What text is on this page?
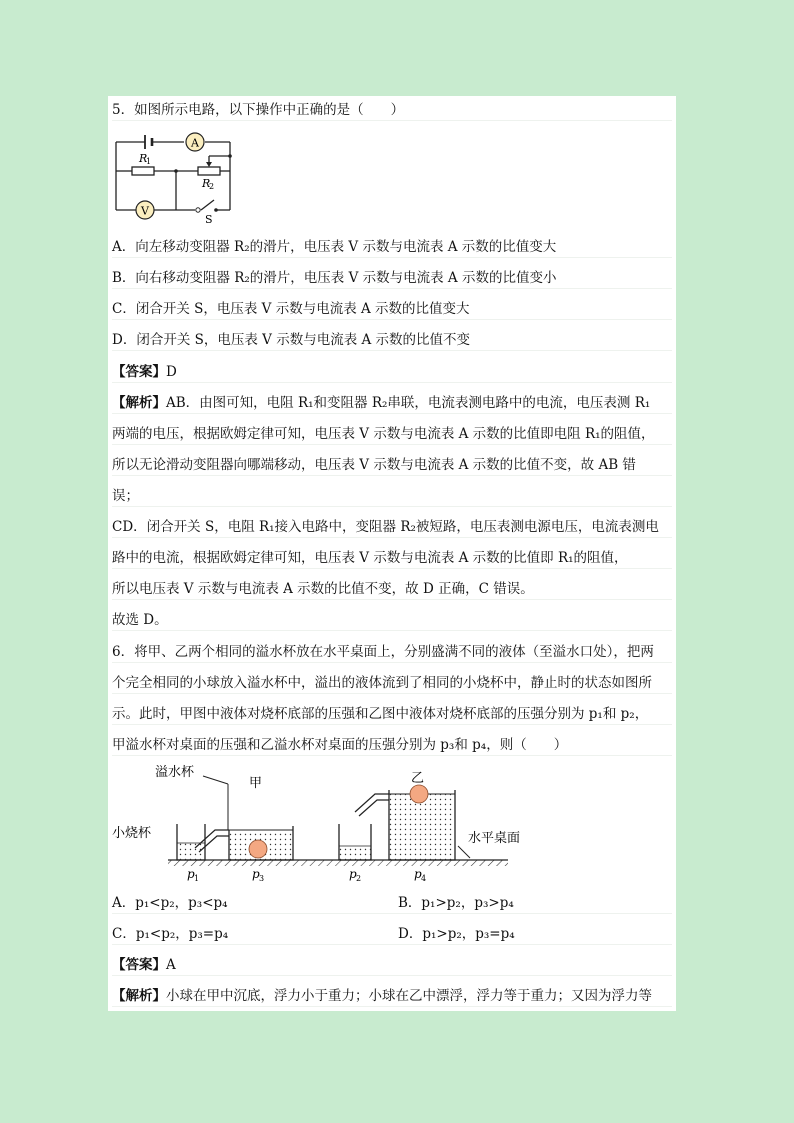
5．如图所示电路，以下操作中正确的是（　　）
A
V
R
1
R
2
S
A．向左移动变阻器 R₂的滑片，电压表 V 示数与电流表 A 示数的比值变大
B．向右移动变阻器 R₂的滑片，电压表 V 示数与电流表 A 示数的比值变小
C．闭合开关 S，电压表 V 示数与电流表 A 示数的比值变大
D．闭合开关 S，电压表 V 示数与电流表 A 示数的比值不变
【答案】D
【解析】AB．由图可知，电阻 R₁和变阻器 R₂串联，电流表测电路中的电流，电压表测 R₁
两端的电压，根据欧姆定律可知，电压表 V 示数与电流表 A 示数的比值即电阻 R₁的阻值，
所以无论滑动变阻器向哪端移动，电压表 V 示数与电流表 A 示数的比值不变，故 AB 错
误；
CD．闭合开关 S，电阻 R₁接入电路中，变阻器 R₂被短路，电压表测电源电压，电流表测电
路中的电流，根据欧姆定律可知，电压表 V 示数与电流表 A 示数的比值即 R₁的阻值，
所以电压表 V 示数与电流表 A 示数的比值不变，故 D 正确，C 错误。
故选 D。
6．将甲、乙两个相同的溢水杯放在水平桌面上，分别盛满不同的液体（至溢水口处），把两
个完全相同的小球放入溢水杯中，溢出的液体流到了相同的小烧杯中，静止时的状态如图所
示。此时，甲图中液体对烧杯底部的压强和乙图中液体对烧杯底部的压强分别为 p₁和 p₂，
甲溢水杯对桌面的压强和乙溢水杯对桌面的压强分别为 p₃和 p₄，则（　　）
溢水杯
甲	乙
小烧杯	水平桌面
p 1	p 3	p 2	p 4
A．p₁<p₂，p₃<p₄	B．p₁>p₂，p₃>p₄
C．p₁<p₂，p₃=p₄	D．p₁>p₂，p₃=p₄
【答案】A
【解析】小球在甲中沉底，浮力小于重力；小球在乙中漂浮，浮力等于重力；又因为浮力等
